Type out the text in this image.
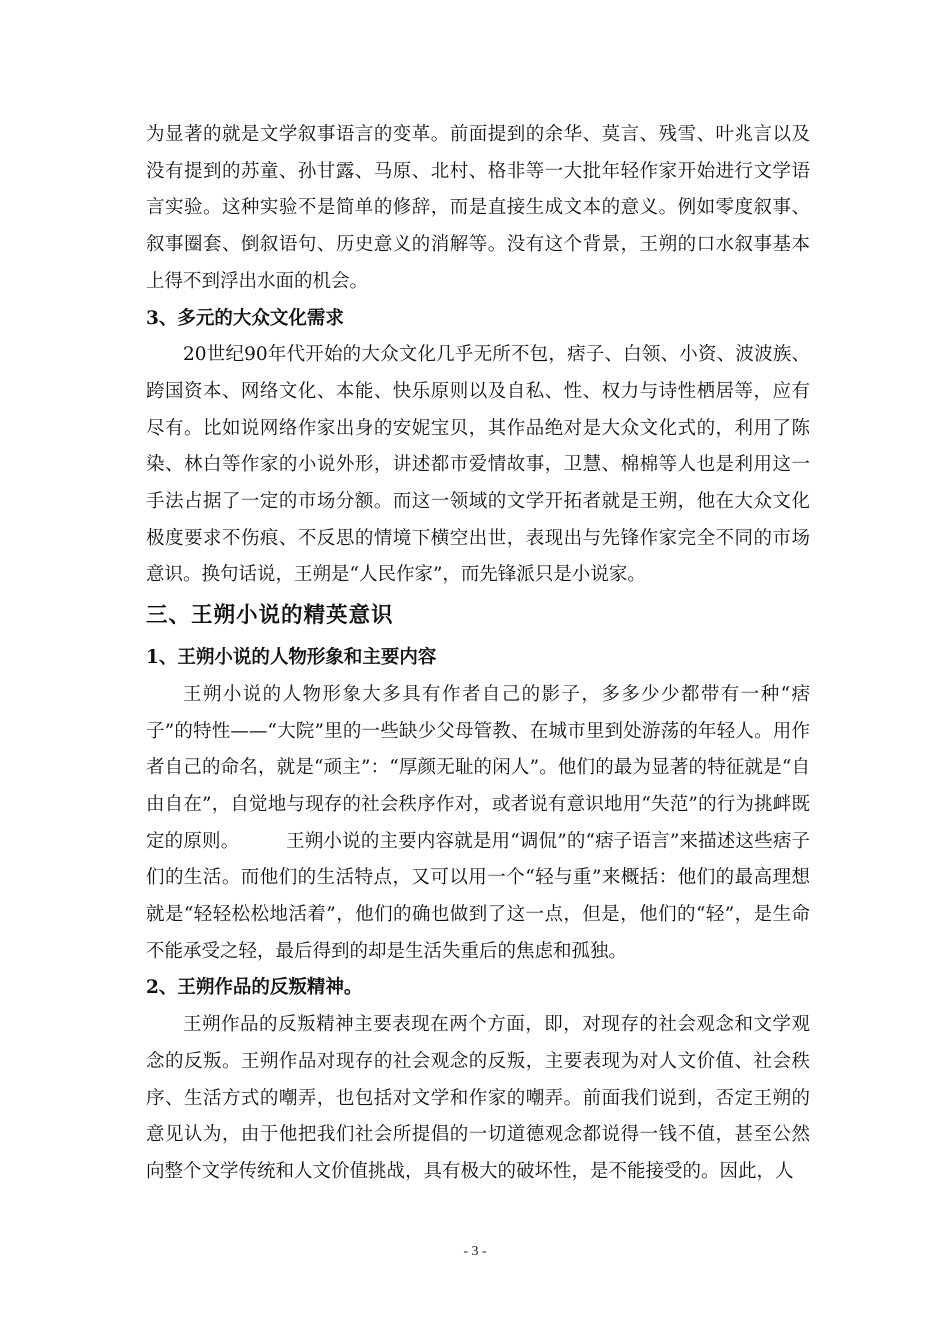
为显著的就是文学叙事语言的变革。前面提到的余华、莫言、残雪、叶兆言以及没有提到的苏童、孙甘露、马原、北村、格非等一大批年轻作家开始进行文学语言实验。这种实验不是简单的修辞，而是直接生成文本的意义。例如零度叙事、叙事圈套、倒叙语句、历史意义的消解等。没有这个背景，王朔的口水叙事基本上得不到浮出水面的机会。

3、多元的大众文化需求

20世纪90年代开始的大众文化几乎无所不包，痞子、白领、小资、波波族、跨国资本、网络文化、本能、快乐原则以及自私、性、权力与诗性栖居等，应有尽有。比如说网络作家出身的安妮宝贝，其作品绝对是大众文化式的，利用了陈染、林白等作家的小说外形，讲述都市爱情故事，卫慧、棉棉等人也是利用这一手法占据了一定的市场分额。而这一领域的文学开拓者就是王朔，他在大众文化极度要求不伤痕、不反思的情境下横空出世，表现出与先锋作家完全不同的市场意识。换句话说，王朔是“人民作家”，而先锋派只是小说家。

三、王朔小说的精英意识

1、王朔小说的人物形象和主要内容

王朔小说的人物形象大多具有作者自己的影子，多多少少都带有一种“痞子”的特性——“大院”里的一些缺少父母管教、在城市里到处游荡的年轻人。用作者自己的命名，就是“顽主”：“厚颜无耻的闲人”。他们的最为显著的特征就是“自由自在”，自觉地与现存的社会秩序作对，或者说有意识地用“失范”的行为挑衅既定的原则。　　　王朔小说的主要内容就是用“调侃”的“痞子语言”来描述这些痞子们的生活。而他们的生活特点，又可以用一个“轻与重”来概括：他们的最高理想就是“轻轻松松地活着”，他们的确也做到了这一点，但是，他们的“轻”，是生命不能承受之轻，最后得到的却是生活失重后的焦虑和孤独。

2、王朔作品的反叛精神。

王朔作品的反叛精神主要表现在两个方面，即，对现存的社会观念和文学观念的反叛。王朔作品对现存的社会观念的反叛，主要表现为对人文价值、社会秩序、生活方式的嘲弄，也包括对文学和作家的嘲弄。前面我们说到，否定王朔的意见认为，由于他把我们社会所提倡的一切道德观念都说得一钱不值，甚至公然向整个文学传统和人文价值挑战，具有极大的破坏性，是不能接受的。因此，人

- 3 -
